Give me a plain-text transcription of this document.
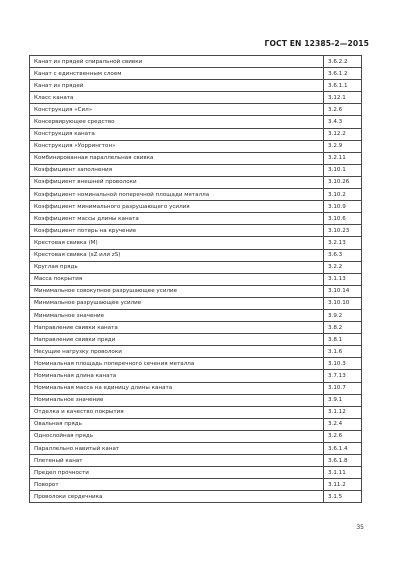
ГОСТ EN 12385-2—2015
Канат из прядей спиральной свивки	3.6.2.2
Канат с единственным слоем	3.6.1.2
Канат из прядей	3.6.1.1
Класс каната	3.12.1
Конструкция «Сил»	3.2.6
Консервирующее средство	3.4.3
Конструкция каната	3.12.2
Конструкция «Уоррингтон»	3.2.9
Комбинированная параллельная свивка	3.2.11
Коэффициент заполнения	3.10.1
Коэффициент внешней проволоки	3.10.26
Коэффициент номинальной поперечной площади металла	3.10.2
Коэффициент минимального разрушающего усилия	3.10.9
Коэффициент массы длины каната	3.10.6
Коэффициент потерь на кручение	3.10.23
Крестовая свивка (М)	3.2.13
Крестовая свивка (sZ или zS)	3.6.3
Круглая прядь	3.2.2
Масса покрытия	3.1.13
Минимальное совокупное разрушающее усилие	3.10.14
Минимальное разрушающее усилие	3.10.10
Минимальное значение	3.9.2
Направление свивки каната	3.8.2
Направление свивки пряди	3.8.1
Несущие нагрузку проволоки	3.1.6
Номинальная площадь поперечного сечения металла	3.10.3
Номинальная длина каната	3.7.13
Номинальная масса на единицу длины каната	3.10.7
Номинальное значение	3.9.1
Отделка и качество покрытия	3.1.12
Овальная прядь	3.2.4
Однослойная прядь	3.2.6
Параллельно навитый канат	3.6.1.4
Плетеный канат	3.6.1.8
Предел прочности	3.1.11
Поворот	3.11.2
Проволоки сердечника	3.1.5
35
